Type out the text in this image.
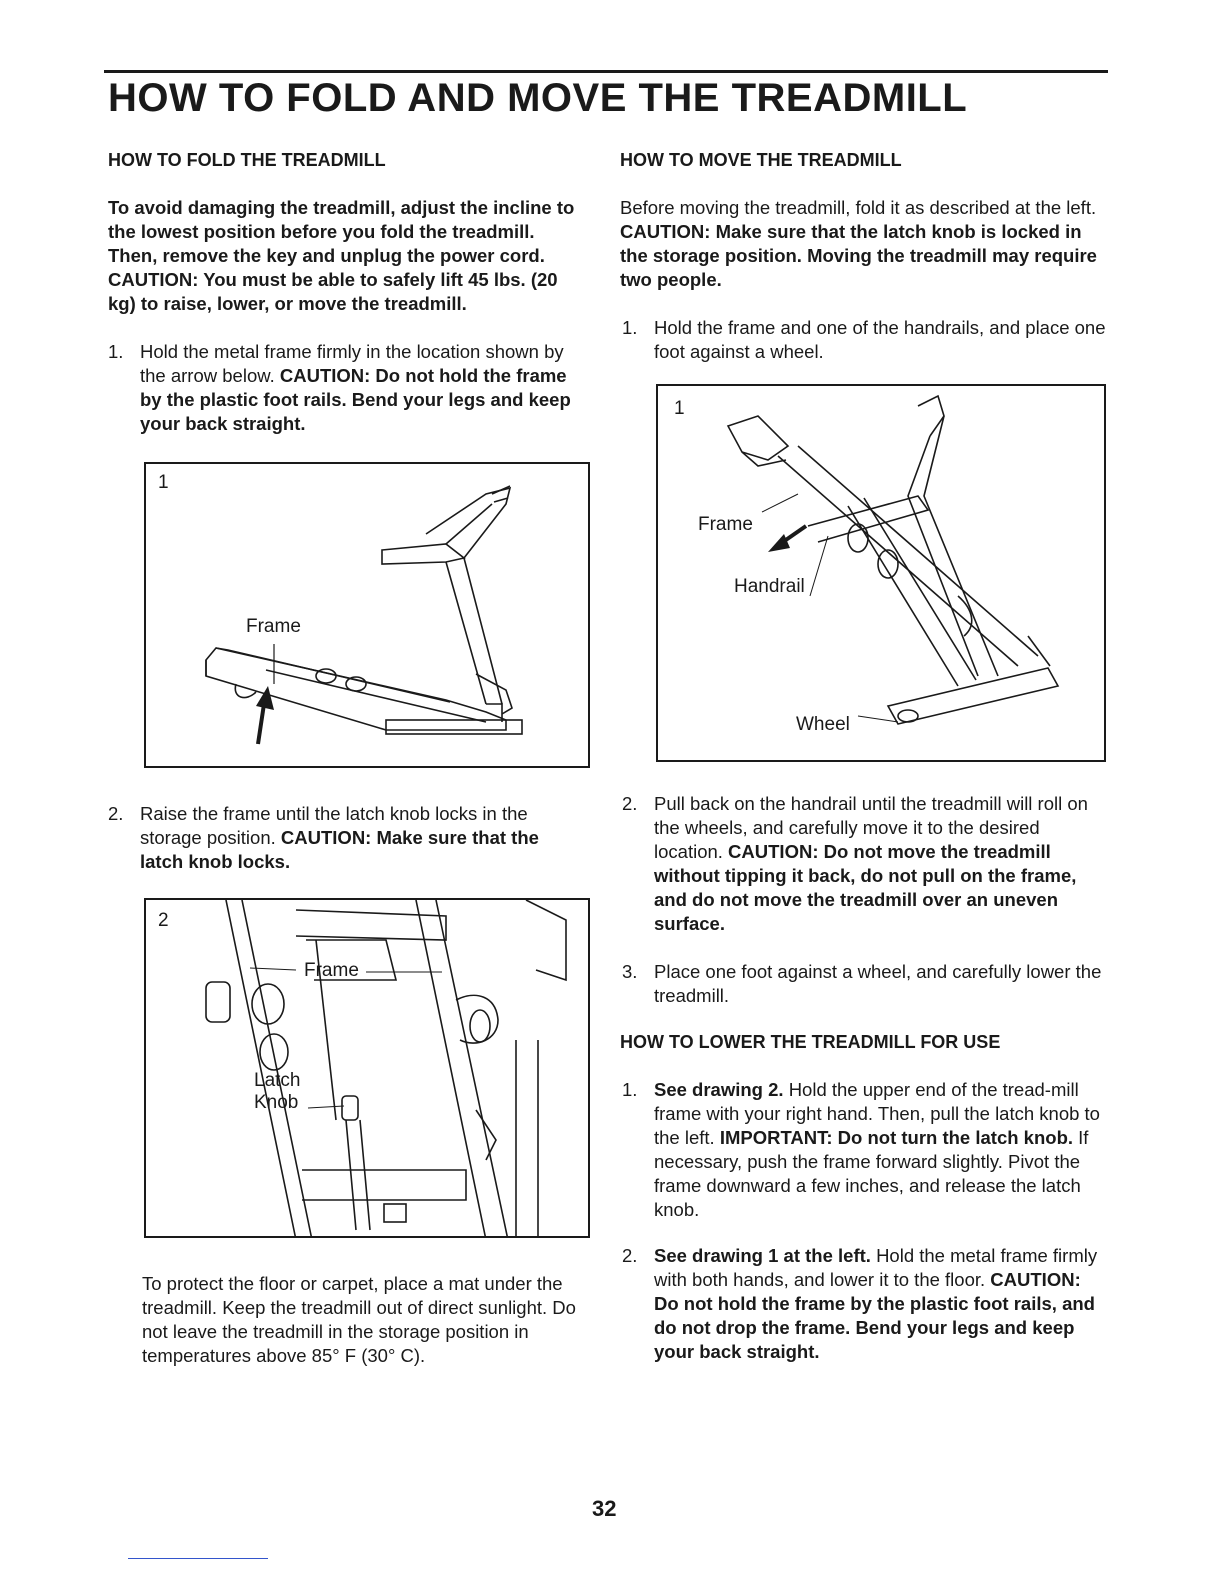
HOW TO FOLD AND MOVE THE TREADMILL
HOW TO FOLD THE TREADMILL

To avoid damaging the treadmill, adjust the incline to the lowest position before you fold the treadmill. Then, remove the key and unplug the power cord. CAUTION: You must be able to safely lift 45 lbs. (20 kg) to raise, lower, or move the treadmill.

1. Hold the metal frame firmly in the location shown by the arrow below. CAUTION: Do not hold the frame by the plastic foot rails. Bend your legs and keep your back straight.
2. Raise the frame until the latch knob locks in the storage position. CAUTION: Make sure that the latch knob locks.

To protect the floor or carpet, place a mat under the treadmill. Keep the treadmill out of direct sunlight. Do not leave the treadmill in the storage position in temperatures above 85° F (30° C).

1
Frame
2
Frame
Latch
Knob
HOW TO MOVE THE TREADMILL

Before moving the treadmill, fold it as described at the left. CAUTION: Make sure that the latch knob is locked in the storage position. Moving the treadmill may require two people.

1. Hold the frame and one of the handrails, and place one foot against a wheel.
2. Pull back on the handrail until the treadmill will roll on the wheels, and carefully move it to the desired location. CAUTION: Do not move the treadmill without tipping it back, do not pull on the frame, and do not move the treadmill over an uneven surface.
3. Place one foot against a wheel, and carefully lower the treadmill.
HOW TO LOWER THE TREADMILL FOR USE
1. See drawing 2. Hold the upper end of the tread-mill frame with your right hand. Then, pull the latch knob to the left. IMPORTANT: Do not turn the latch knob. If necessary, push the frame forward slightly. Pivot the frame downward a few inches, and release the latch knob.
2. See drawing 1 at the left. Hold the metal frame firmly with both hands, and lower it to the floor. CAUTION: Do not hold the frame by the plastic foot rails, and do not drop the frame. Bend your legs and keep your back straight.
1
Frame
Handrail
Wheel
32
